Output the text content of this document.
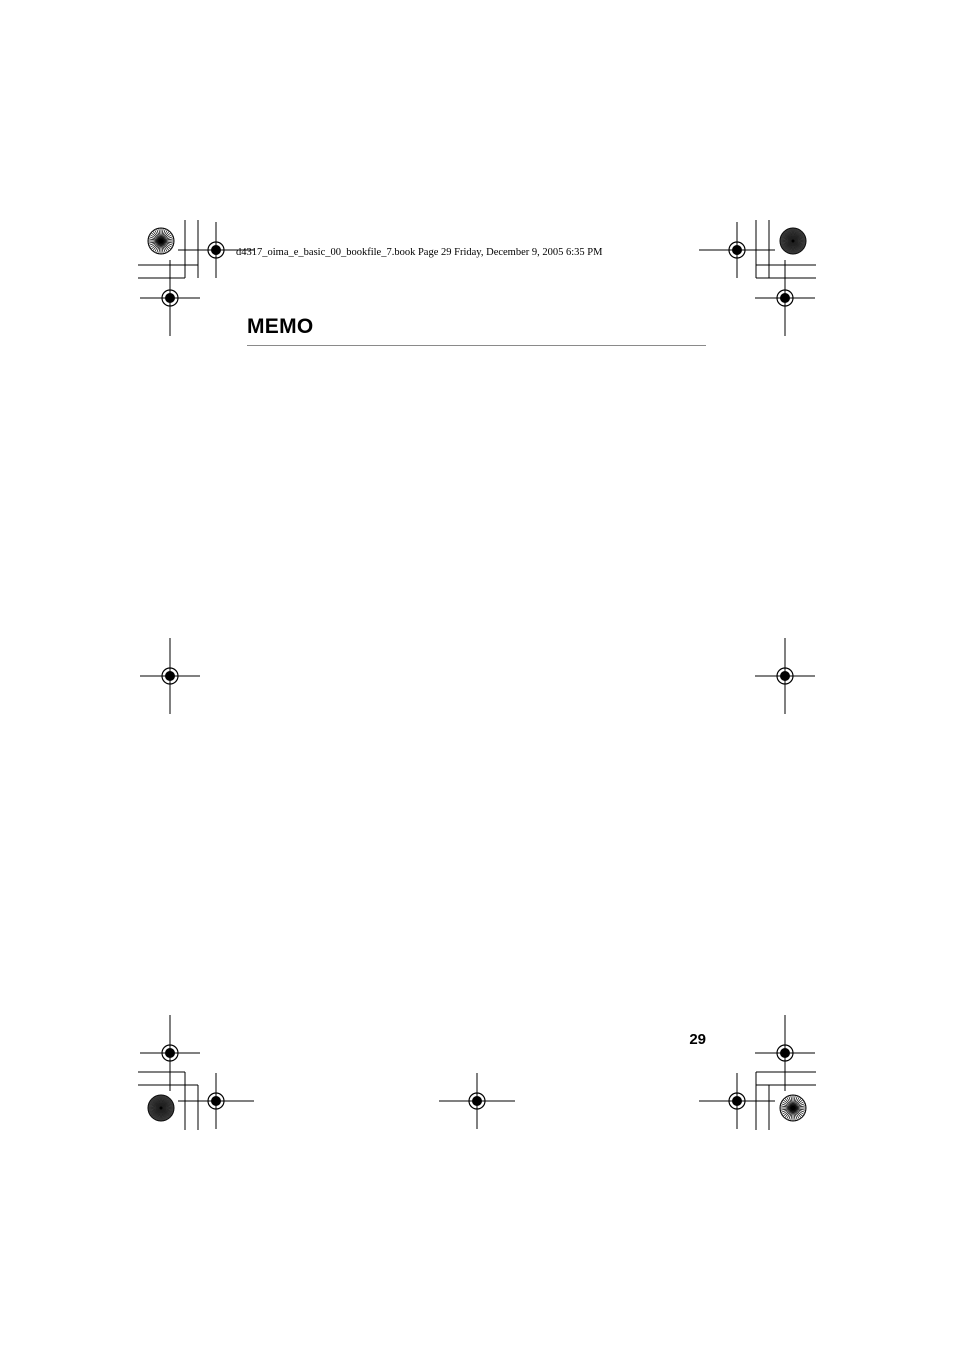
d4317_oima_e_basic_00_bookfile_7.book Page 29 Friday, December 9, 2005 6:35 PM
MEMO
29
